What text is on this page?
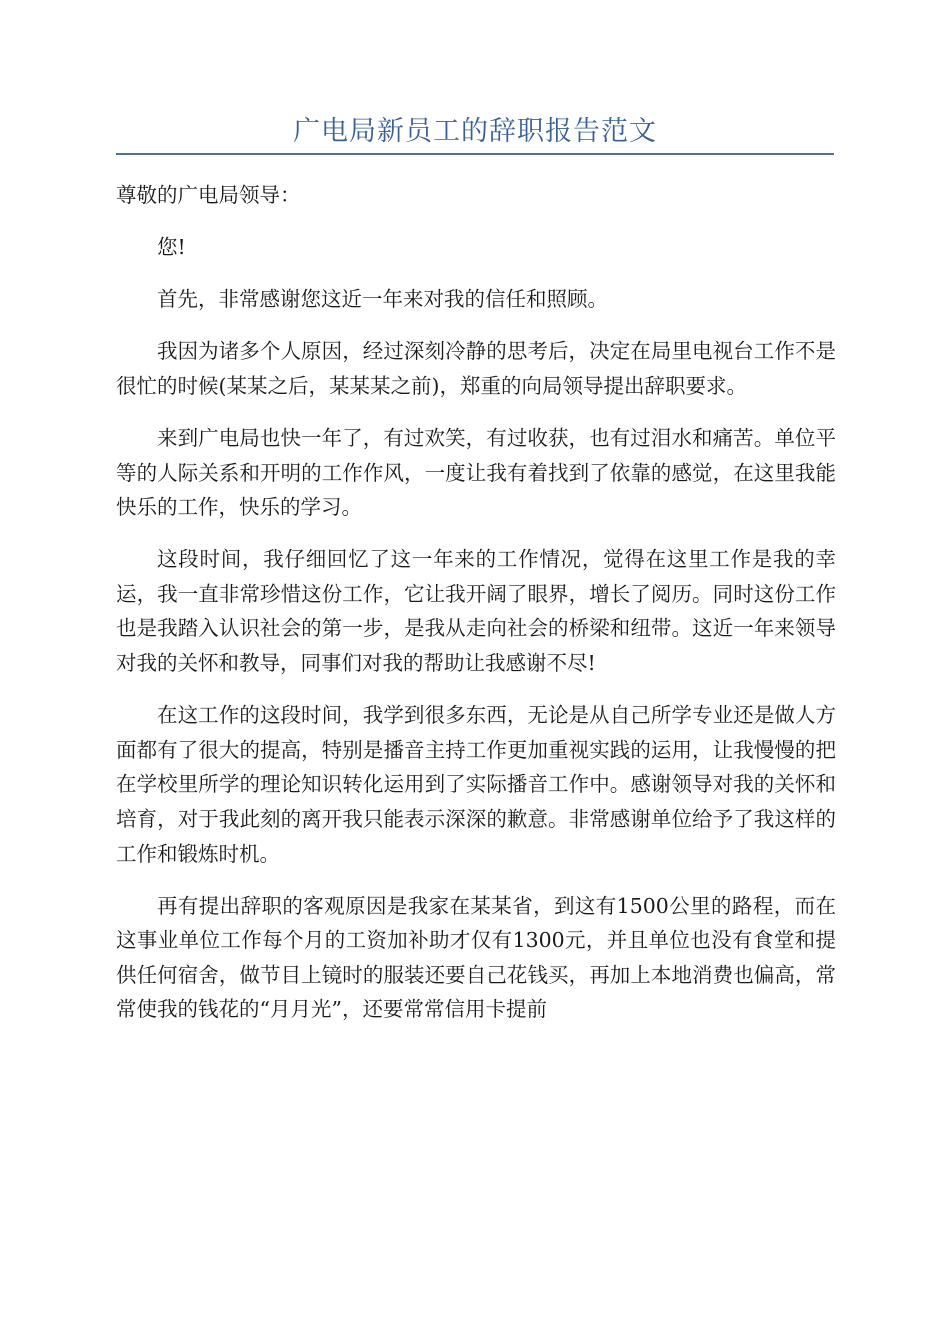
广电局新员工的辞职报告范文

尊敬的广电局领导：

您!

首先，非常感谢您这近一年来对我的信任和照顾。

我因为诸多个人原因，经过深刻冷静的思考后，决定在局里电视台工作不是很忙的时候(某某之后，某某某之前)，郑重的向局领导提出辞职要求。

来到广电局也快一年了，有过欢笑，有过收获，也有过泪水和痛苦。单位平等的人际关系和开明的工作作风，一度让我有着找到了依靠的感觉，在这里我能快乐的工作，快乐的学习。

这段时间，我仔细回忆了这一年来的工作情况，觉得在这里工作是我的幸运，我一直非常珍惜这份工作，它让我开阔了眼界，增长了阅历。同时这份工作也是我踏入认识社会的第一步，是我从走向社会的桥梁和纽带。这近一年来领导对我的关怀和教导，同事们对我的帮助让我感谢不尽!

在这工作的这段时间，我学到很多东西，无论是从自己所学专业还是做人方面都有了很大的提高，特别是播音主持工作更加重视实践的运用，让我慢慢的把在学校里所学的理论知识转化运用到了实际播音工作中。感谢领导对我的关怀和培育，对于我此刻的离开我只能表示深深的歉意。非常感谢单位给予了我这样的工作和锻炼时机。

再有提出辞职的客观原因是我家在某某省，到这有1500公里的路程，而在这事业单位工作每个月的工资加补助才仅有1300元，并且单位也没有食堂和提供任何宿舍，做节目上镜时的服装还要自己花钱买，再加上本地消费也偏高，常常使我的钱花的“月月光”，还要常常信用卡提前
